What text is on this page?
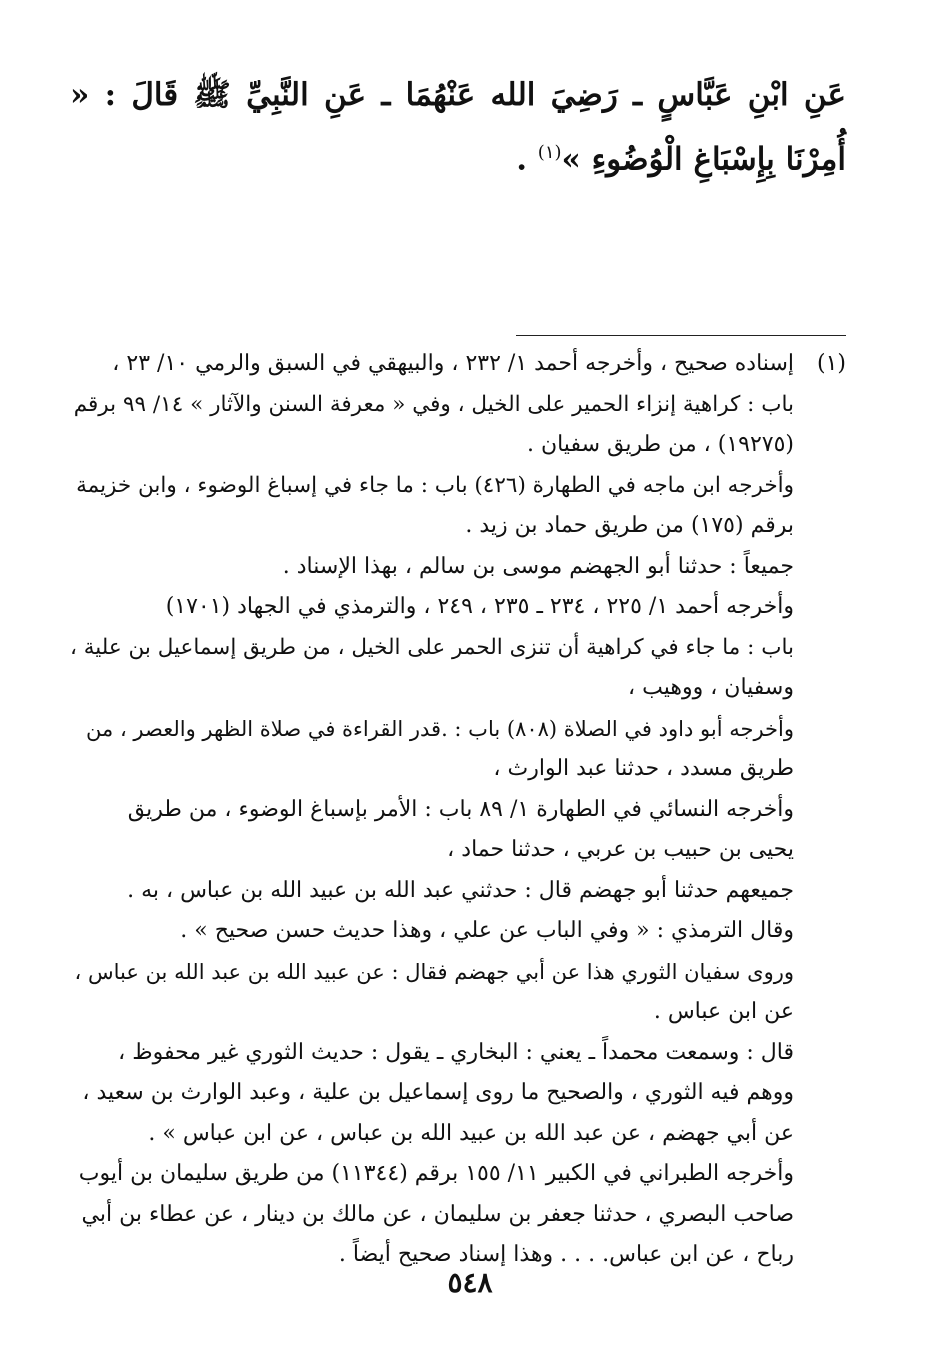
عَنِ ابْنِ عَبَّاسٍ ـ رَضِيَ الله عَنْهُمَا ـ عَنِ النَّبِيِّ ﷺ قَالَ : « أُمِرْنَا بِإِسْبَاغِ الْوُضُوءِ »$^{(١)}$ .
(١)
إسناده صحيح ، وأخرجه أحمد ١/ ٢٣٢ ، والبيهقي في السبق والرمي ١٠/ ٢٣ ،
باب : كراهية إنزاء الحمير على الخيل ، وفي « معرفة السنن والآثار » ١٤/ ٩٩ برقم
(١٩٢٧٥) ، من طريق سفيان .
وأخرجه ابن ماجه في الطهارة (٤٢٦) باب : ما جاء في إسباغ الوضوء ، وابن خزيمة
برقم (١٧٥) من طريق حماد بن زيد .
جميعاً : حدثنا أبو الجهضم موسى بن سالم ، بهذا الإسناد .
وأخرجه أحمد ١/ ٢٢٥ ، ٢٣٤ ـ ٢٣٥ ، ٢٤٩ ، والترمذي في الجهاد (١٧٠١)
باب : ما جاء في كراهية أن تنزى الحمر على الخيل ، من طريق إسماعيل بن علية ،
وسفيان ، ووهيب ،
وأخرجه أبو داود في الصلاة (٨٠٨) باب : .قدر القراءة في صلاة الظهر والعصر ، من
طريق مسدد ، حدثنا عبد الوارث ،
وأخرجه النسائي في الطهارة ١/ ٨٩ باب : الأمر بإسباغ الوضوء ، من طريق
يحيى بن حبيب بن عربي ، حدثنا حماد ،
جميعهم حدثنا أبو جهضم قال : حدثني عبد الله بن عبيد الله بن عباس ، به .
وقال الترمذي : « وفي الباب عن علي ، وهذا حديث حسن صحيح » .
وروى سفيان الثوري هذا عن أبي جهضم فقال : عن عبيد الله بن عبد الله بن عباس ،
عن ابن عباس .
قال : وسمعت محمداً ـ يعني : البخاري ـ يقول : حديث الثوري غير محفوظ ،
ووهم فيه الثوري ، والصحيح ما روى إسماعيل بن علية ، وعبد الوارث بن سعيد ،
عن أبي جهضم ، عن عبد الله بن عبيد الله بن عباس ، عن ابن عباس » .
وأخرجه الطبراني في الكبير ١١/ ١٥٥ برقم (١١٣٤٤) من طريق سليمان بن أيوب
صاحب البصري ، حدثنا جعفر بن سليمان ، عن مالك بن دينار ، عن عطاء بن أبي
رباح ، عن ابن عباس. . . . وهذا إسناد صحيح أيضاً .
٥٤٨
